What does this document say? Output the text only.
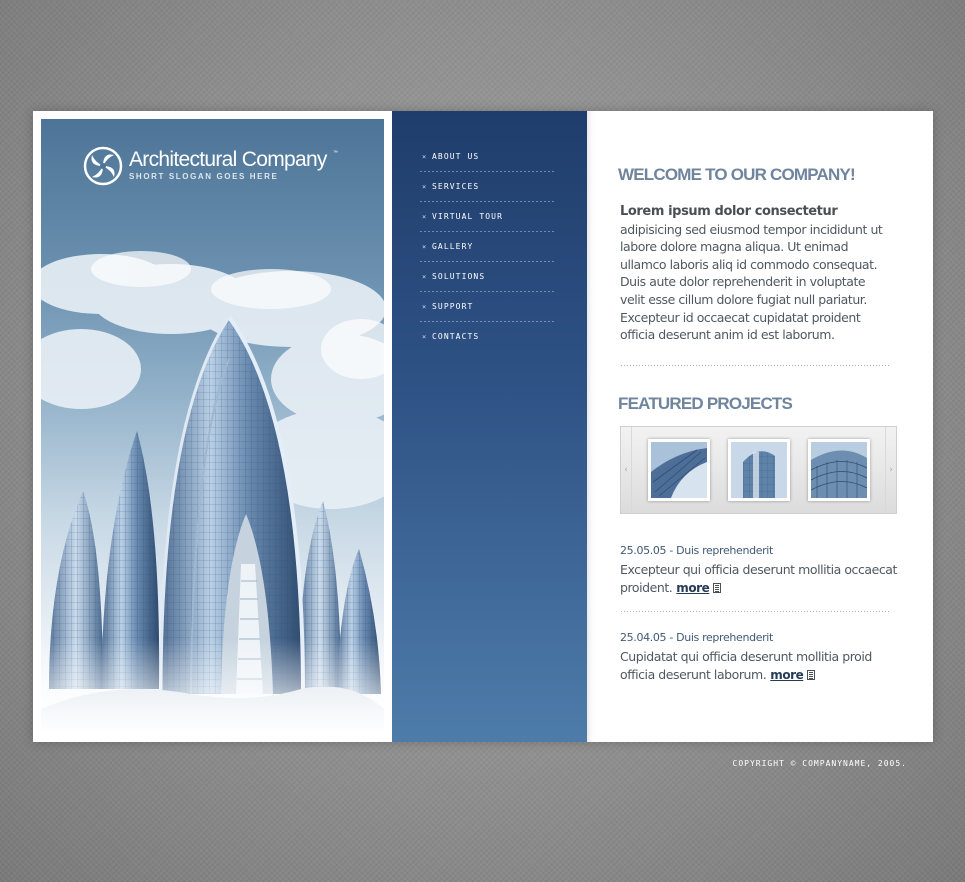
Architectural Company ™
SHORT SLOGAN GOES HERE
× ABOUT US
× SERVICES
× VIRTUAL TOUR
× GALLERY
× SOLUTIONS
× SUPPORT
× CONTACTS
WELCOME TO OUR COMPANY!
Lorem ipsum dolor consectetur
adipisicing sed eiusmod tempor incididunt ut labore dolore magna aliqua. Ut enimad ullamco laboris aliq id commodo consequat. Duis aute dolor reprehenderit in voluptate velit esse cillum dolore fugiat null pariatur. Excepteur id occaecat cupidatat proident officia deserunt anim id est laborum.
FEATURED PROJECTS
‹	›
25.05.05 - Duis reprehenderit
Excepteur qui officia deserunt mollitia occaecat proident. more
25.04.05 - Duis reprehenderit
Cupidatat qui officia deserunt mollitia proid officia deserunt laborum. more
COPYRIGHT © COMPANYNAME, 2005.
